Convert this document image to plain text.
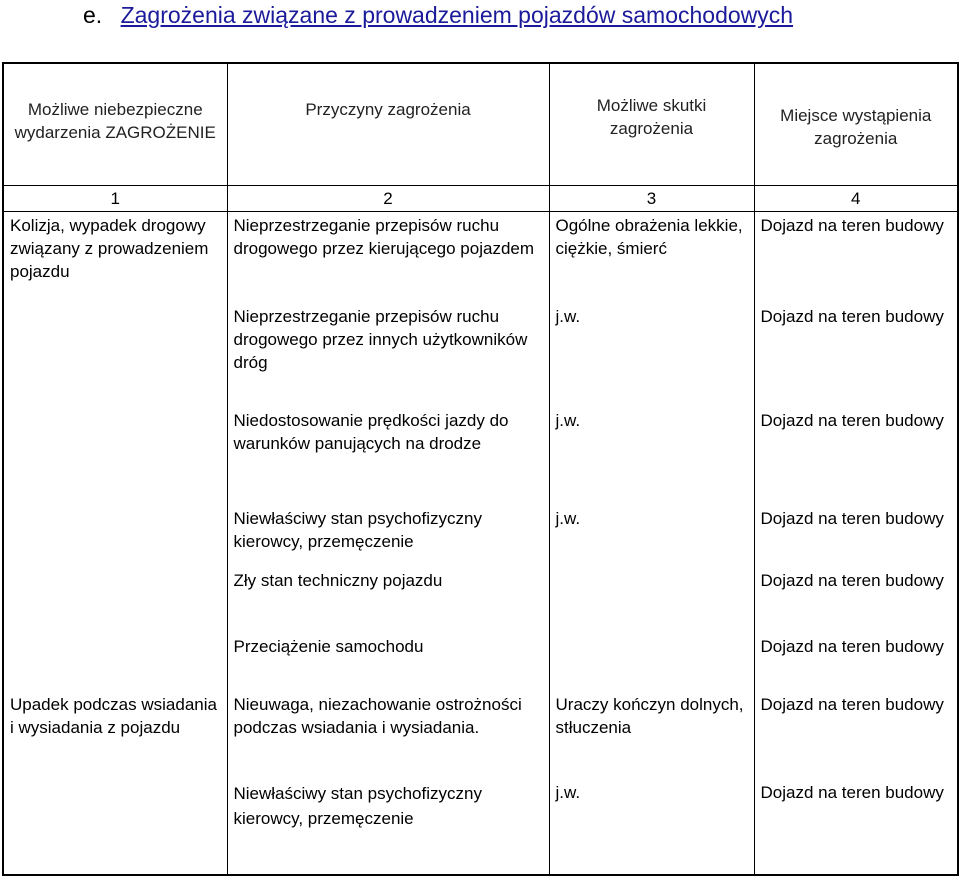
e. Zagrożenia związane z prowadzeniem pojazdów samochodowych
Możliwe niebezpieczne wydarzenia ZAGROŻENIE	Przyczyny zagrożenia	Możliwe skutki zagrożenia	Miejsce wystąpienia zagrożenia
1	2	3	4
Kolizja, wypadek drogowy związany z prowadzeniem pojazdu	Nieprzestrzeganie przepisów ruchu drogowego przez kierującego pojazdem	Ogólne obrażenia lekkie, ciężkie, śmierć	Dojazd na teren budowy
	Nieprzestrzeganie przepisów ruchu drogowego przez innych użytkowników dróg	j.w.	Dojazd na teren budowy
	Niedostosowanie prędkości jazdy do warunków panujących na drodze	j.w.	Dojazd na teren budowy
	Niewłaściwy stan psychofizyczny kierowcy, przemęczenie	j.w.	Dojazd na teren budowy
	Zły stan techniczny pojazdu		Dojazd na teren budowy
	Przeciążenie samochodu		Dojazd na teren budowy
Upadek podczas wsiadania i wysiadania z pojazdu	Nieuwaga, niezachowanie ostrożności podczas wsiadania i wysiadania.	Uraczy kończyn dolnych, stłuczenia	Dojazd na teren budowy
	Niewłaściwy stan psychofizyczny kierowcy, przemęczenie	j.w.	Dojazd na teren budowy
